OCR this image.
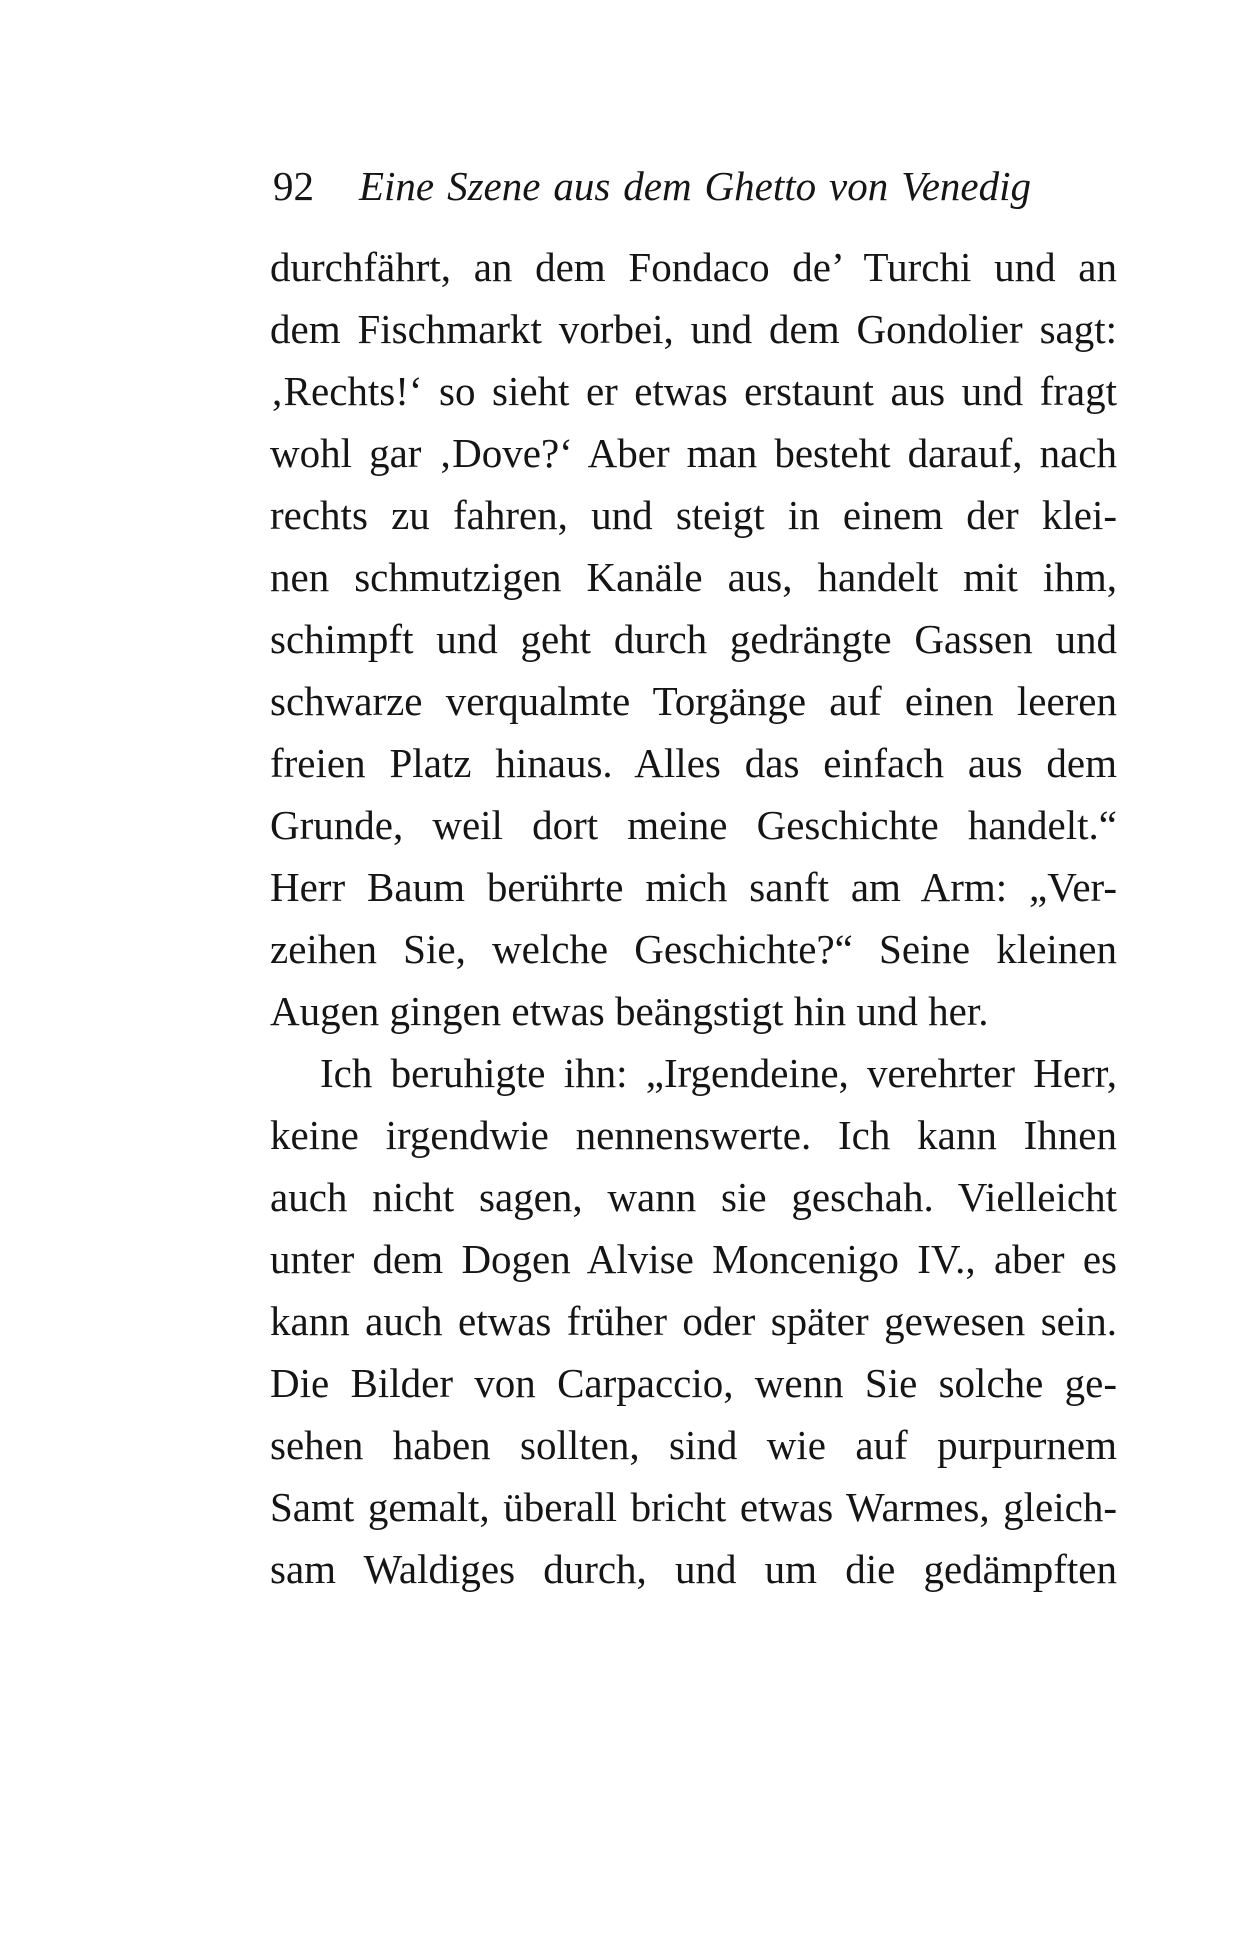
92 Eine Szene aus dem Ghetto von Venedig
durchfährt, an dem Fondaco de’ Turchi und an
dem Fischmarkt vorbei, und dem Gondolier sagt:
‚Rechts!‘ so sieht er etwas erstaunt aus und fragt
wohl gar ‚Dove?‘ Aber man besteht darauf, nach
rechts zu fahren, und steigt in einem der klei-
nen schmutzigen Kanäle aus, handelt mit ihm,
schimpft und geht durch gedrängte Gassen und
schwarze verqualmte Torgänge auf einen leeren
freien Platz hinaus. Alles das einfach aus dem
Grunde, weil dort meine Geschichte handelt.“
Herr Baum berührte mich sanft am Arm: „Ver-
zeihen Sie, welche Geschichte?“ Seine kleinen
Augen gingen etwas beängstigt hin und her.
Ich beruhigte ihn: „Irgendeine, verehrter Herr,
keine irgendwie nennenswerte. Ich kann Ihnen
auch nicht sagen, wann sie geschah. Vielleicht
unter dem Dogen Alvise Moncenigo IV., aber es
kann auch etwas früher oder später gewesen sein.
Die Bilder von Carpaccio, wenn Sie solche ge-
sehen haben sollten, sind wie auf purpurnem
Samt gemalt, überall bricht etwas Warmes, gleich-
sam Waldiges durch, und um die gedämpften
